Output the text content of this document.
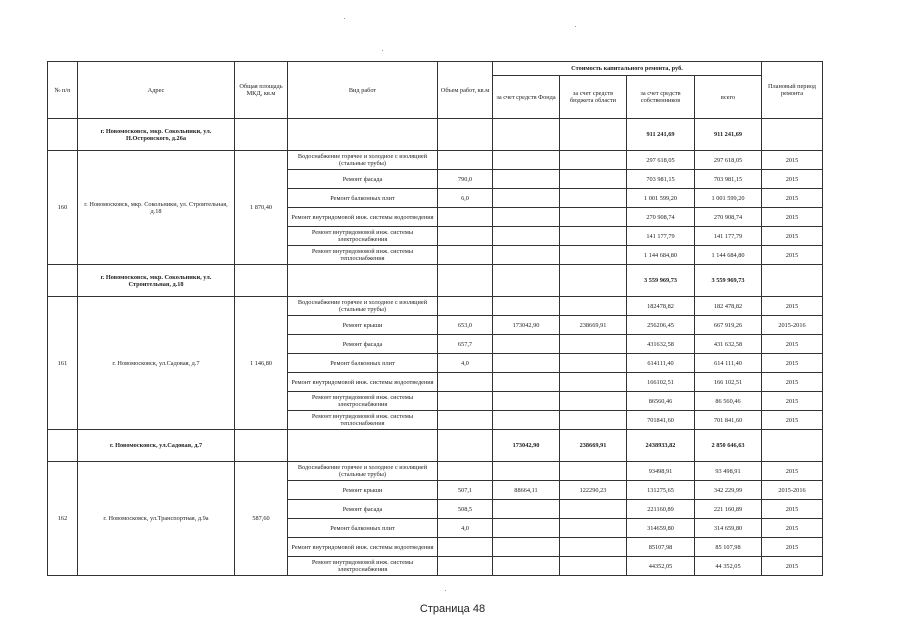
№ п/п	Адрес	Общая площадь МКД, кв.м	Вид работ	Объем работ, кв.м	Стоимость капитального ремонта, руб.				Плановый период ремонта
					за счет средств Фонда	за счет средств бюджета области	за счет средств собственников	всего	
	г. Новомосковск, мкр. Сокольники, ул. Н.Островского, д.26а						911 241,69	911 241,69	
160	г. Новомосковск, мкр. Сокольники, ул. Строительная, д.18	1 870,40	Водоснабжение горячее и холодное с изоляцией (стальные трубы)				297 618,05	297 618,05	2015
			Ремонт фасада	790,0			703 981,15	703 981,15	2015
			Ремонт балконных плит	6,0			1 001 599,20	1 001 599,20	2015
			Ремонт внутридомовой инж. системы водоотведения				270 908,74	270 908,74	2015
			Ремонт внутридомовой инж. системы электроснабжения				141 177,79	141 177,79	2015
			Ремонт внутридомовой инж. системы теплоснабжения				1 144 684,80	1 144 684,80	2015
	г. Новомосковск, мкр. Сокольники, ул. Строительная, д.18						3 559 969,73	3 559 969,73	
161	г. Новомосковск, ул.Садовая, д.7	1 146,80	Водоснабжение горячее и холодное с изоляцией (стальные трубы)				182478,82	182 478,82	2015
			Ремонт крыши	653,0	173042,90	238669,91	256206,45	667 919,26	2015-2016
			Ремонт фасада	657,7			431632,58	431 632,58	2015
			Ремонт балконных плит	4,0			614111,40	614 111,40	2015
			Ремонт внутридомовой инж. системы водоотведения				166102,51	166 102,51	2015
			Ремонт внутридомовой инж. системы электроснабжения				86560,46	86 560,46	2015
			Ремонт внутридомовой инж. системы теплоснабжения				701841,60	701 841,60	2015
	г. Новомосковск, ул.Садовая, д.7				173042,90	238669,91	2438933,82	2 850 646,63	
162	г. Новомосковск, ул.Транспортная, д.9а	587,60	Водоснабжение горячее и холодное с изоляцией (стальные трубы)				93498,91	93 498,91	2015
			Ремонт крыши	507,1	88664,11	122290,23	131275,65	342 229,99	2015-2016
			Ремонт фасада	508,5			221160,89	221 160,89	2015
			Ремонт балконных плит	4,0			314659,80	314 659,80	2015
			Ремонт внутридомовой инж. системы водоотведения				85107,98	85 107,98	2015
			Ремонт внутридомовой инж. системы электроснабжения				44352,05	44 352,05	2015
Страница 48
